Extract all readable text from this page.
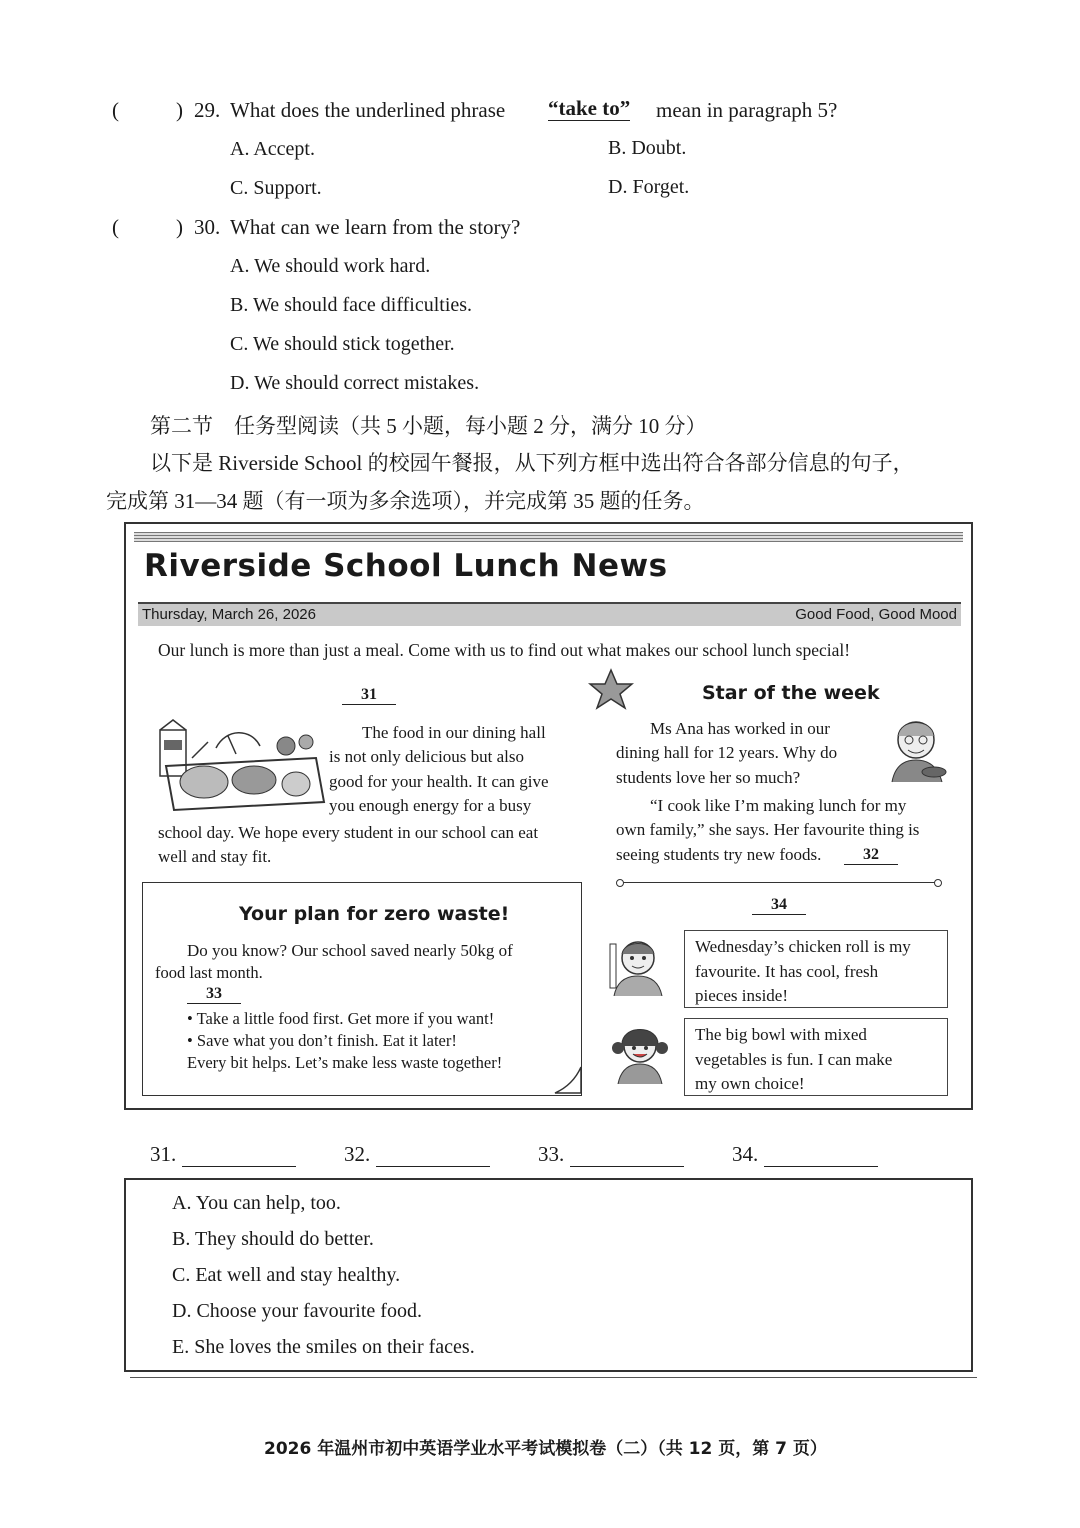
(	) 29. What does the underlined phrase “take to” mean in paragraph 5?
A. Accept.	B. Doubt.
C. Support.	D. Forget.
(	) 30. What can we learn from the story?
A. We should work hard.
B. We should face difficulties.
C. We should stick together.
D. We should correct mistakes.
第二节　任务型阅读（共 5 小题，每小题 2 分，满分 10 分）
以下是 Riverside School 的校园午餐报，从下列方框中选出符合各部分信息的句子，
完成第 31—34 题（有一项为多余选项），并完成第 35 题的任务。
Riverside School Lunch News
Thursday, March 26, 2026	Good Food, Good Mood
Our lunch is more than just a meal. Come with us to find out what makes our school lunch special!
31
The food in our dining hall
is not only delicious but also
good for your health. It can give
you enough energy for a busy
school day. We hope every student in our school can eat
well and stay fit.
Star of the week
Ms Ana has worked in our
dining hall for 12 years. Why do
students love her so much?
“I cook like I’m making lunch for my
own family,” she says. Her favourite thing is
seeing students try new foods.	32
Your plan for zero waste!
Do you know? Our school saved nearly 50kg of
food last month.
33
• Take a little food first. Get more if you want!
• Save what you don’t finish. Eat it later!
Every bit helps. Let’s make less waste together!
34
Wednesday’s chicken roll is my
favourite. It has cool, fresh
pieces inside!
The big bowl with mixed
vegetables is fun. I can make
my own choice!
31.	32.	33.	34.
A. You can help, too.
B. They should do better.
C. Eat well and stay healthy.
D. Choose your favourite food.
E. She loves the smiles on their faces.
2026 年温州市初中英语学业水平考试模拟卷（二）（共 12 页，第 7 页）
